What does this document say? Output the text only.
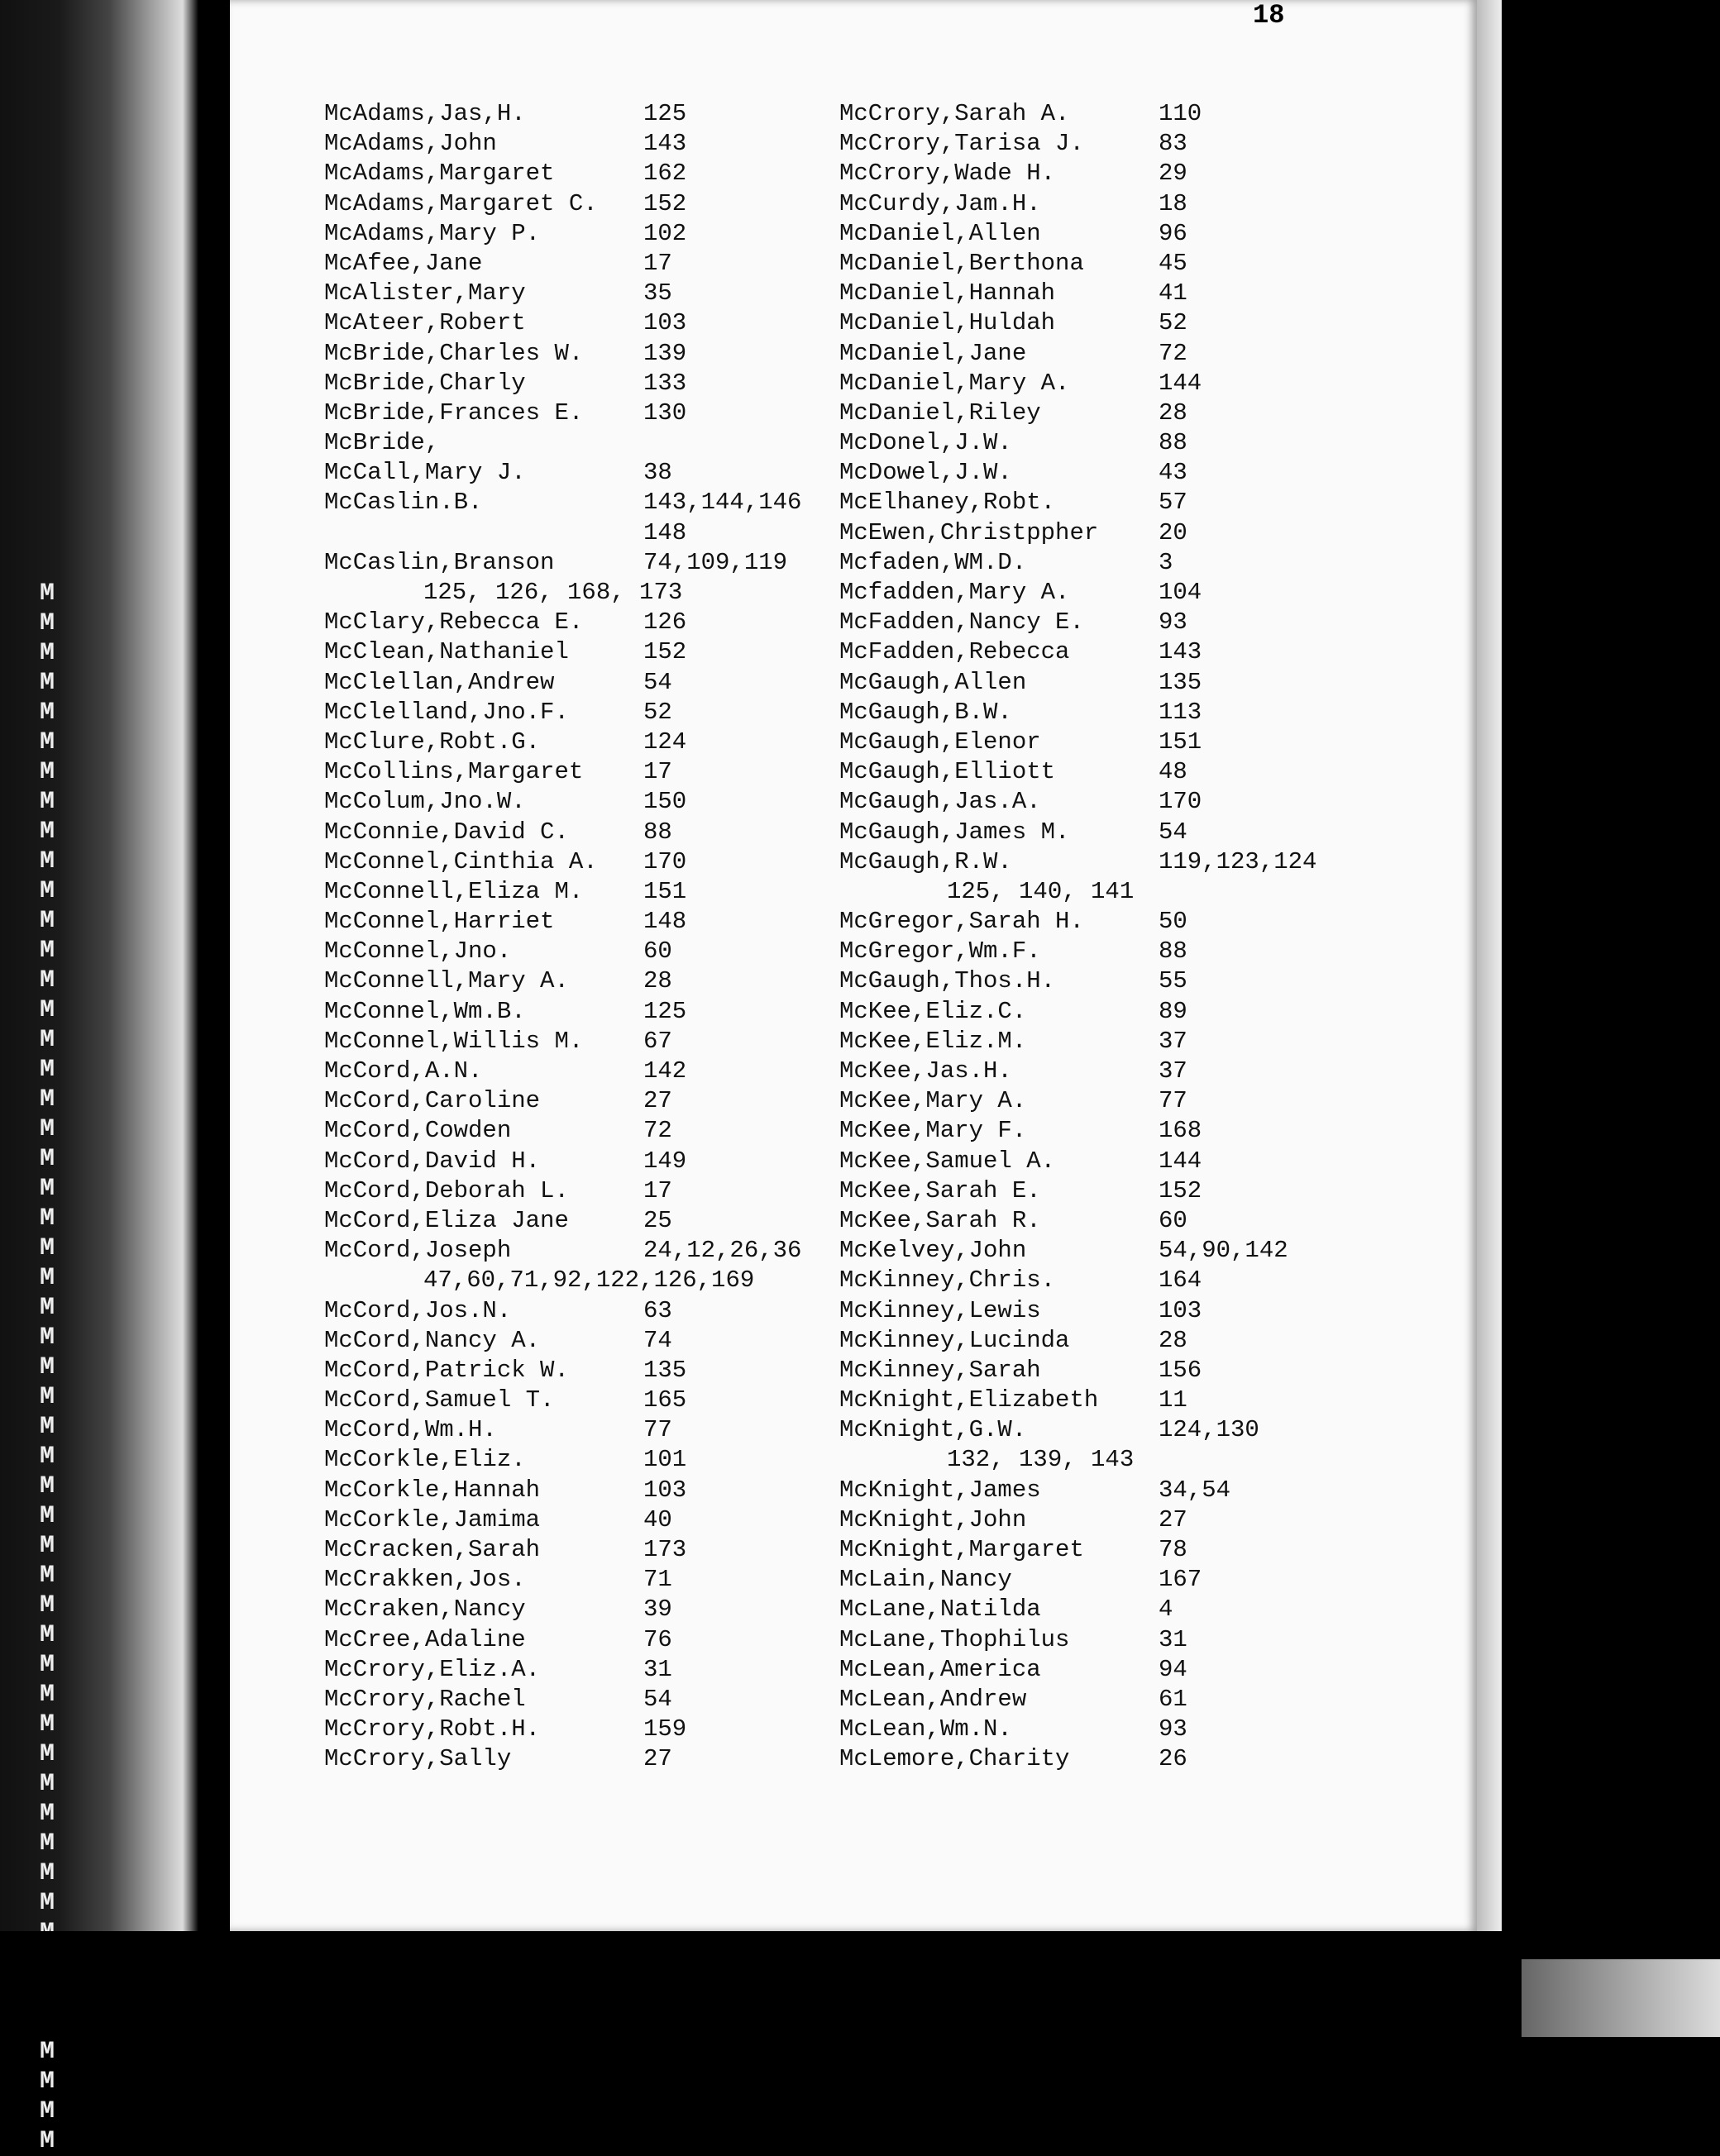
M
M
M
M
M
M
M
M
M
M
M
M
M
M
M
M
M
M
M
M
M
M
M
M
M
M
M
M
M
M
M
M
M
M
M
M
M
M
M
M
M
M
M
M
M
M
M
M
M
18
McAdams,Jas,H.	125
McAdams,John	143
McAdams,Margaret	162
McAdams,Margaret C.	152
McAdams,Mary P.	102
McAfee,Jane	17
McAlister,Mary	35
McAteer,Robert	103
McBride,Charles W.	139
McBride,Charly	133
McBride,Frances E.	130
McBride,
McCall,Mary J.	38
McCaslin.B.	143,144,146
148
McCaslin,Branson	74,109,119
125, 126, 168, 173
McClary,Rebecca E.	126
McClean,Nathaniel	152
McClellan,Andrew	54
McClelland,Jno.F.	52
McClure,Robt.G.	124
McCollins,Margaret	17
McColum,Jno.W.	150
McConnie,David C.	88
McConnel,Cinthia A.	170
McConnell,Eliza M.	151
McConnel,Harriet	148
McConnel,Jno.	60
McConnell,Mary A.	28
McConnel,Wm.B.	125
McConnel,Willis M.	67
McCord,A.N.	142
McCord,Caroline	27
McCord,Cowden	72
McCord,David H.	149
McCord,Deborah L.	17
McCord,Eliza Jane	25
McCord,Joseph	24,12,26,36
47,60,71,92,122,126,169
McCord,Jos.N.	63
McCord,Nancy A.	74
McCord,Patrick W.	135
McCord,Samuel T.	165
McCord,Wm.H.	77
McCorkle,Eliz.	101
McCorkle,Hannah	103
McCorkle,Jamima	40
McCracken,Sarah	173
McCrakken,Jos.	71
McCraken,Nancy	39
McCree,Adaline	76
McCrory,Eliz.A.	31
McCrory,Rachel	54
McCrory,Robt.H.	159
McCrory,Sally	27
McCrory,Sarah A.	110
McCrory,Tarisa J.	83
McCrory,Wade H.	29
McCurdy,Jam.H.	18
McDaniel,Allen	96
McDaniel,Berthona	45
McDaniel,Hannah	41
McDaniel,Huldah	52
McDaniel,Jane	72
McDaniel,Mary A.	144
McDaniel,Riley	28
McDonel,J.W.	88
McDowel,J.W.	43
McElhaney,Robt.	57
McEwen,Christppher	20
Mcfaden,WM.D.	3
Mcfadden,Mary A.	104
McFadden,Nancy E.	93
McFadden,Rebecca	143
McGaugh,Allen	135
McGaugh,B.W.	113
McGaugh,Elenor	151
McGaugh,Elliott	48
McGaugh,Jas.A.	170
McGaugh,James M.	54
McGaugh,R.W.	119,123,124
125, 140, 141
McGregor,Sarah H.	50
McGregor,Wm.F.	88
McGaugh,Thos.H.	55
McKee,Eliz.C.	89
McKee,Eliz.M.	37
McKee,Jas.H.	37
McKee,Mary A.	77
McKee,Mary F.	168
McKee,Samuel A.	144
McKee,Sarah E.	152
McKee,Sarah R.	60
McKelvey,John	54,90,142
McKinney,Chris.	164
McKinney,Lewis	103
McKinney,Lucinda	28
McKinney,Sarah	156
McKnight,Elizabeth	11
McKnight,G.W.	124,130
132, 139, 143
McKnight,James	34,54
McKnight,John	27
McKnight,Margaret	78
McLain,Nancy	167
McLane,Natilda	4
McLane,Thophilus	31
McLean,America	94
McLean,Andrew	61
McLean,Wm.N.	93
McLemore,Charity	26
